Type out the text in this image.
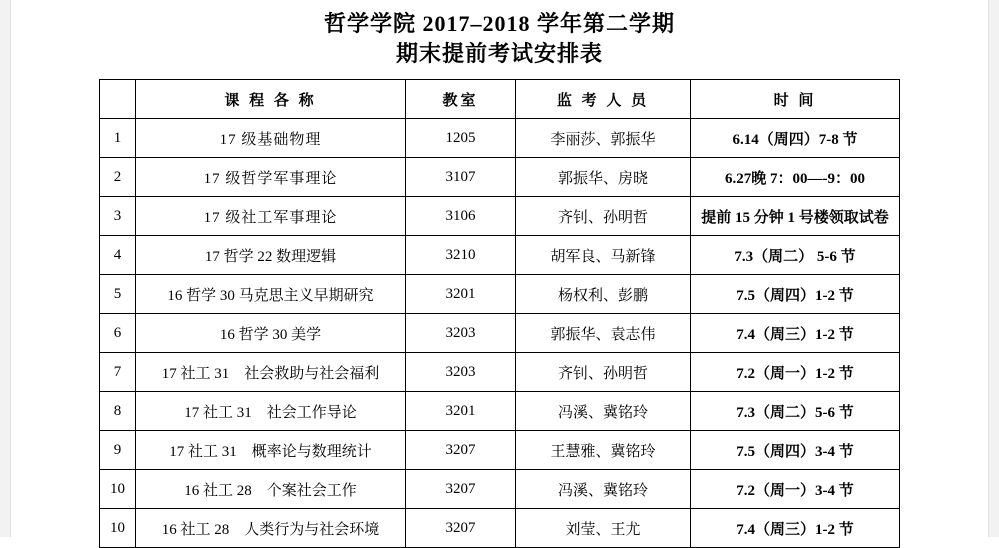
哲学学院 2017–2018 学年第二学期
期末提前考试安排表
	课 程 各 称	教室	监 考 人 员	时 间
1	17 级基础物理	1205	李丽莎、郭振华	6.14（周四）7-8 节
2	17 级哲学军事理论	3107	郭振华、房晓	6.27晚 7：00—-9：00
3	17 级社工军事理论	3106	齐钊、孙明哲	提前 15 分钟 1 号楼领取试卷
4	17 哲学 22 数理逻辑	3210	胡军良、马新锋	7.3（周二） 5-6 节
5	16 哲学 30 马克思主义早期研究	3201	杨权利、彭鹏	7.5（周四）1-2 节
6	16 哲学 30 美学	3203	郭振华、袁志伟	7.4（周三）1-2 节
7	17 社工 31　社会救助与社会福利	3203	齐钊、孙明哲	7.2（周一）1-2 节
8	17 社工 31　社会工作导论	3201	冯溪、冀铭玲	7.3（周二）5-6 节
9	17 社工 31　概率论与数理统计	3207	王慧雅、冀铭玲	7.5（周四）3-4 节
10	16 社工 28　个案社会工作	3207	冯溪、冀铭玲	7.2（周一）3-4 节
10	16 社工 28　人类行为与社会环境	3207	刘莹、王尤	7.4（周三）1-2 节
